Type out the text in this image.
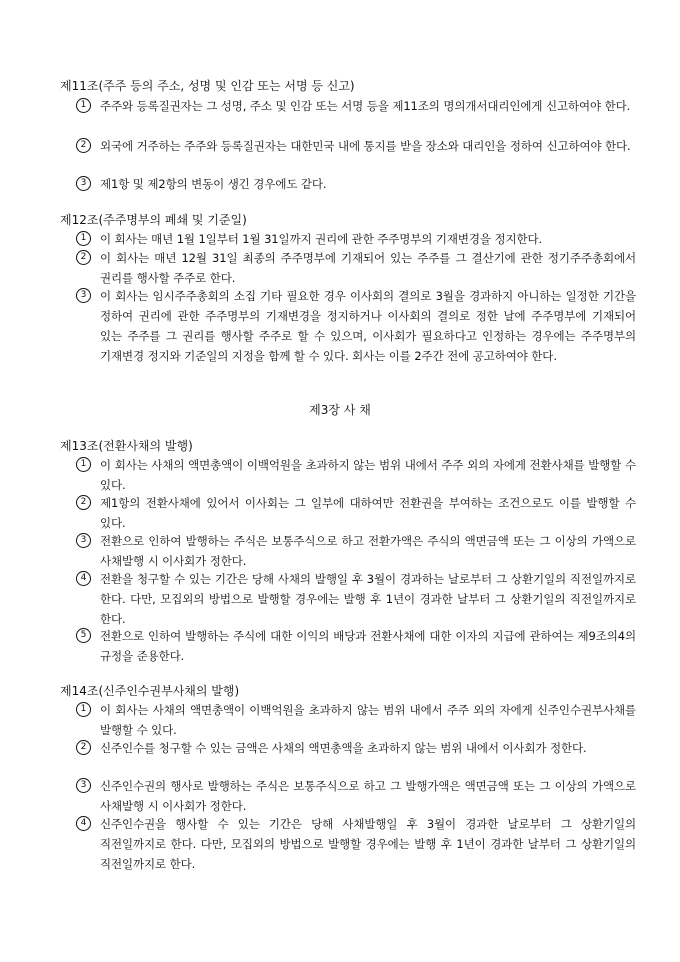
제11조(주주 등의 주소, 성명 및 인감 또는 서명 등 신고)
1	주주와 등록질권자는 그 성명, 주소 및 인감 또는 서명 등을 제11조의 명의개서대리인에게 신고하여야 한다.
2	외국에 거주하는 주주와 등록질권자는 대한민국 내에 통지를 받을 장소와 대리인을 정하여 신고하여야 한다.
3	제1항 및 제2항의 변동이 생긴 경우에도 같다.
제12조(주주명부의 폐쇄 및 기준일)
1	이 회사는 매년 1월 1일부터 1월 31일까지 권리에 관한 주주명부의 기재변경을 정지한다.
2	이 회사는 매년 12월 31일 최종의 주주명부에 기재되어 있는 주주를 그 결산기에 관한 정기주주총회에서 권리를 행사할 주주로 한다.
3	이 회사는 임시주주총회의 소집 기타 필요한 경우 이사회의 결의로 3월을 경과하지 아니하는 일정한 기간을 정하여 권리에 관한 주주명부의 기재변경을 정지하거나 이사회의 결의로 정한 날에 주주명부에 기재되어 있는 주주를 그 권리를 행사할 주주로 할 수 있으며, 이사회가 필요하다고 인정하는 경우에는 주주명부의 기재변경 정지와 기준일의 지정을 함께 할 수 있다. 회사는 이를 2주간 전에 공고하여야 한다.
제3장 사 채
제13조(전환사채의 발행)
1	이 회사는 사채의 액면총액이 이백억원을 초과하지 않는 범위 내에서 주주 외의 자에게 전환사채를 발행할 수 있다.
2	제1항의 전환사채에 있어서 이사회는 그 일부에 대하여만 전환권을 부여하는 조건으로도 이를 발행할 수 있다.
3	전환으로 인하여 발행하는 주식은 보통주식으로 하고 전환가액은 주식의 액면금액 또는 그 이상의 가액으로 사채발행 시 이사회가 정한다.
4	전환을 청구할 수 있는 기간은 당해 사채의 발행일 후 3월이 경과하는 날로부터 그 상환기일의 직전일까지로 한다. 다만, 모집외의 방법으로 발행할 경우에는 발행 후 1년이 경과한 날부터 그 상환기일의 직전일까지로 한다.
5	전환으로 인하여 발행하는 주식에 대한 이익의 배당과 전환사채에 대한 이자의 지급에 관하여는 제9조의4의 규정을 준용한다.
제14조(신주인수권부사채의 발행)
1	이 회사는 사채의 액면총액이 이백억원을 초과하지 않는 범위 내에서 주주 외의 자에게 신주인수권부사채를 발행할 수 있다.
2	신주인수를 청구할 수 있는 금액은 사채의 액면총액을 초과하지 않는 범위 내에서 이사회가 정한다.
3	신주인수권의 행사로 발행하는 주식은 보통주식으로 하고 그 발행가액은 액면금액 또는 그 이상의 가액으로 사채발행 시 이사회가 정한다.
4	신주인수권을 행사할 수 있는 기간은 당해 사채발행일 후 3월이 경과한 날로부터 그 상환기일의 직전일까지로 한다. 다만, 모집외의 방법으로 발행할 경우에는 발행 후 1년이 경과한 날부터 그 상환기일의 직전일까지로 한다.
